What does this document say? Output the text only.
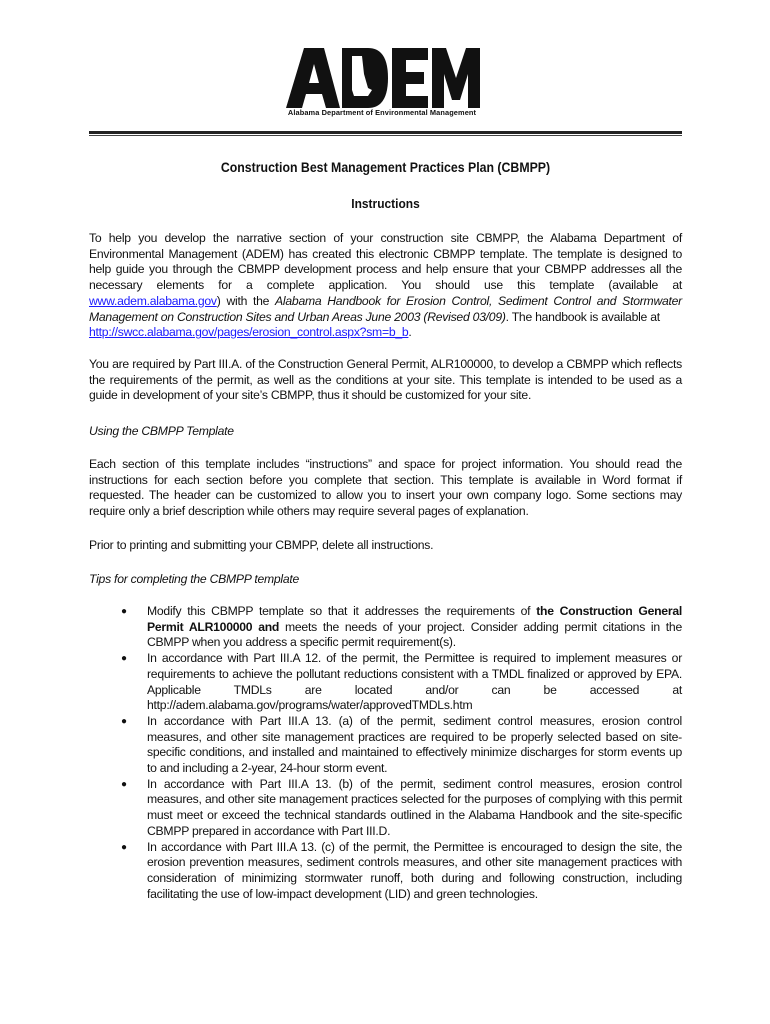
Alabama Department of Environmental Management
Construction Best Management Practices Plan (CBMPP)
Instructions
To help you develop the narrative section of your construction site CBMPP, the Alabama Department of Environmental Management (ADEM) has created this electronic CBMPP template. The template is designed to help guide you through the CBMPP development process and help ensure that your CBMPP addresses all the necessary elements for a complete application. You should use this template (available at www.adem.alabama.gov) with the Alabama Handbook for Erosion Control, Sediment Control and Stormwater Management on Construction Sites and Urban Areas June 2003 (Revised 03/09). The handbook is available at
http://swcc.alabama.gov/pages/erosion_control.aspx?sm=b_b.
You are required by Part III.A. of the Construction General Permit, ALR100000, to develop a CBMPP which reflects the requirements of the permit, as well as the conditions at your site. This template is intended to be used as a guide in development of your site’s CBMPP, thus it should be customized for your site.
Using the CBMPP Template
Each section of this template includes “instructions” and space for project information. You should read the instructions for each section before you complete that section. This template is available in Word format if requested. The header can be customized to allow you to insert your own company logo. Some sections may require only a brief description while others may require several pages of explanation.
Prior to printing and submitting your CBMPP, delete all instructions.
Tips for completing the CBMPP template
● Modify this CBMPP template so that it addresses the requirements of the Construction General Permit ALR100000 and meets the needs of your project. Consider adding permit citations in the CBMPP when you address a specific permit requirement(s).
● In accordance with Part III.A 12. of the permit, the Permittee is required to implement measures or requirements to achieve the pollutant reductions consistent with a TMDL finalized or approved by EPA. Applicable TMDLs are located and/or can be accessed at http://adem.alabama.gov/programs/water/approvedTMDLs.htm
● In accordance with Part III.A 13. (a) of the permit, sediment control measures, erosion control measures, and other site management practices are required to be properly selected based on site-specific conditions, and installed and maintained to effectively minimize discharges for storm events up to and including a 2-year, 24-hour storm event.
● In accordance with Part III.A 13. (b) of the permit, sediment control measures, erosion control measures, and other site management practices selected for the purposes of complying with this permit must meet or exceed the technical standards outlined in the Alabama Handbook and the site-specific CBMPP prepared in accordance with Part III.D.
● In accordance with Part III.A 13. (c) of the permit, the Permittee is encouraged to design the site, the erosion prevention measures, sediment controls measures, and other site management practices with consideration of minimizing stormwater runoff, both during and following construction, including facilitating the use of low-impact development (LID) and green technologies.
